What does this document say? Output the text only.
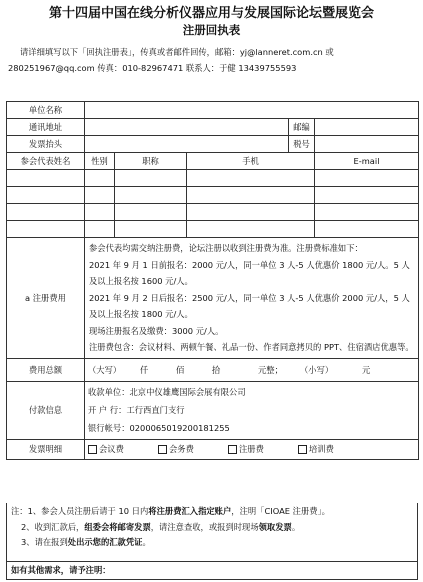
第十四届中国在线分析仪器应用与发展国际论坛暨展览会
注册回执表
请详细填写以下「回执注册表」，传真或者邮件回传，邮箱：yj@lanneret.com.cn 或
280251967@qq.com 传真：010-82967471 联系人：于健 13439755593
单位名称					
通讯地址				邮编	
发票抬头				税号	
参会代表姓名	性别	职称	手机		E-mail

a 注册费用	参会代表均需交纳注册费，论坛注册以收到注册费为准。注册费标准如下：

2021 年 9 月 1 日前报名：2000 元/人，同一单位 3 人-5 人优惠价 1800 元/人。5 人及以上报名按 1600 元/人。

2021 年 9 月 2 日后报名：2500 元/人，同一单位 3 人-5 人优惠价 2000 元/人，5 人及以上报名按 1800 元/人。

现场注册报名及缴费：3000 元/人。

注册费包含：会议材料、两顿午餐、礼品一份、作者同意拷贝的 PPT、住宿酒店优惠等。				

费用总额	（大写） 仟 佰 拾 元整； （小写） 元				
付款信息	收款单位：北京中仪雄鹰国际会展有限公司
开 户 行：工行西直门支行
银行帐号：0200065019200181255				

发票明细	会议费 会务费 注册费 培训费				
注：1、参会人员注册后请于 10 日内将注册费汇入指定账户，注明「CIOAE 注册费」。
2、收到汇款后，组委会将邮寄发票，请注意查收，或报到时现场领取发票。
3、请在报到处出示您的汇款凭证。
如有其他需求，请予注明：
